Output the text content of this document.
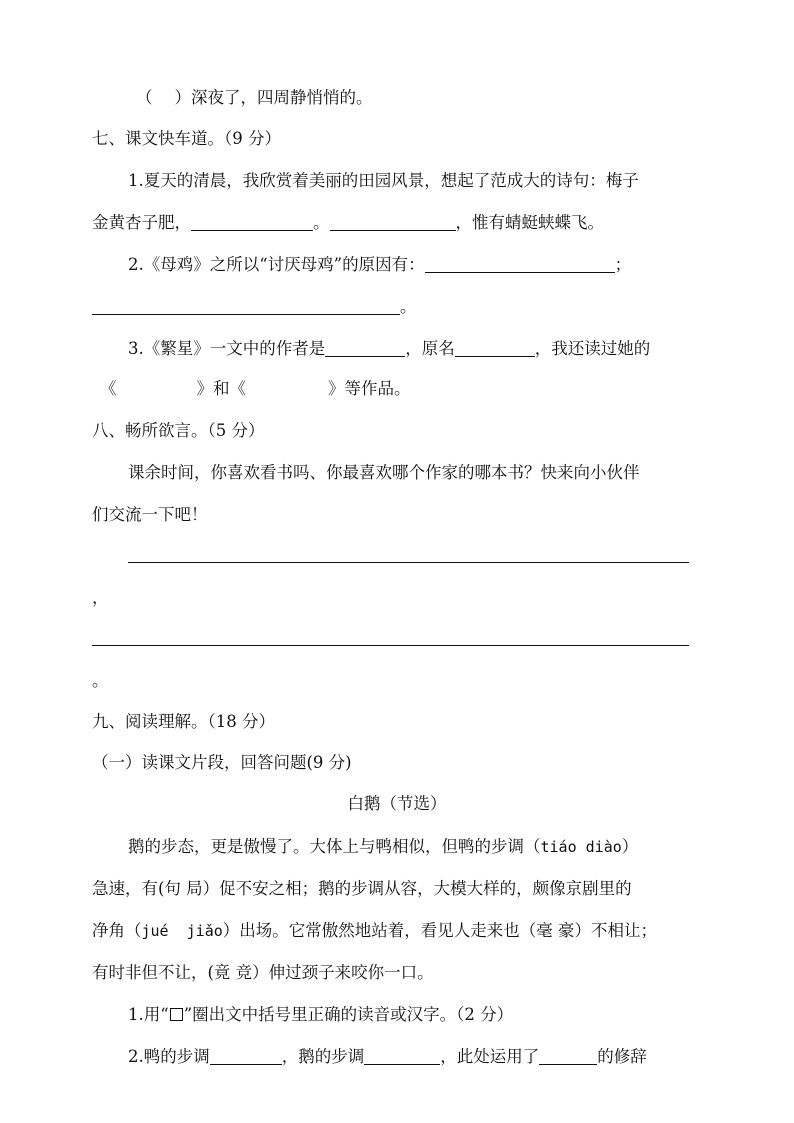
（ ）深夜了，四周静悄悄的。
七、课文快车道。（9 分）
1.夏天的清晨，我欣赏着美丽的田园风景，想起了范成大的诗句：梅子
金黄杏子肥，	。	，惟有蜻蜓蛱蝶飞。
2.《母鸡》之所以“讨厌母鸡”的原因有：	；
。
3.《繁星》一文中的作者是	，原名	，我还读过她的
《	》和《	》等作品。
八、畅所欲言。（5 分）
课余时间，你喜欢看书吗、你最喜欢哪个作家的哪本书？快来向小伙伴
们交流一下吧！
，
。
九、阅读理解。（18 分）
（一）读课文片段，回答问题(9 分)
白鹅（节选）
鹅的步态，更是傲慢了。大体上与鸭相似，但鸭的步调（tiáo diào）
急速，有(句 局）促不安之相；鹅的步调从容，大模大样的，颇像京剧里的
净角（jué  jiǎo）出场。它常傲然地站着，看见人走来也（毫 豪）不相让；
有时非但不让，(竟 竞）伸过颈子来咬你一口。
1.用“ ”圈出文中括号里正确的读音或汉字。（2 分）
2.鸭的步调	，鹅的步调	，此处运用了	的修辞
